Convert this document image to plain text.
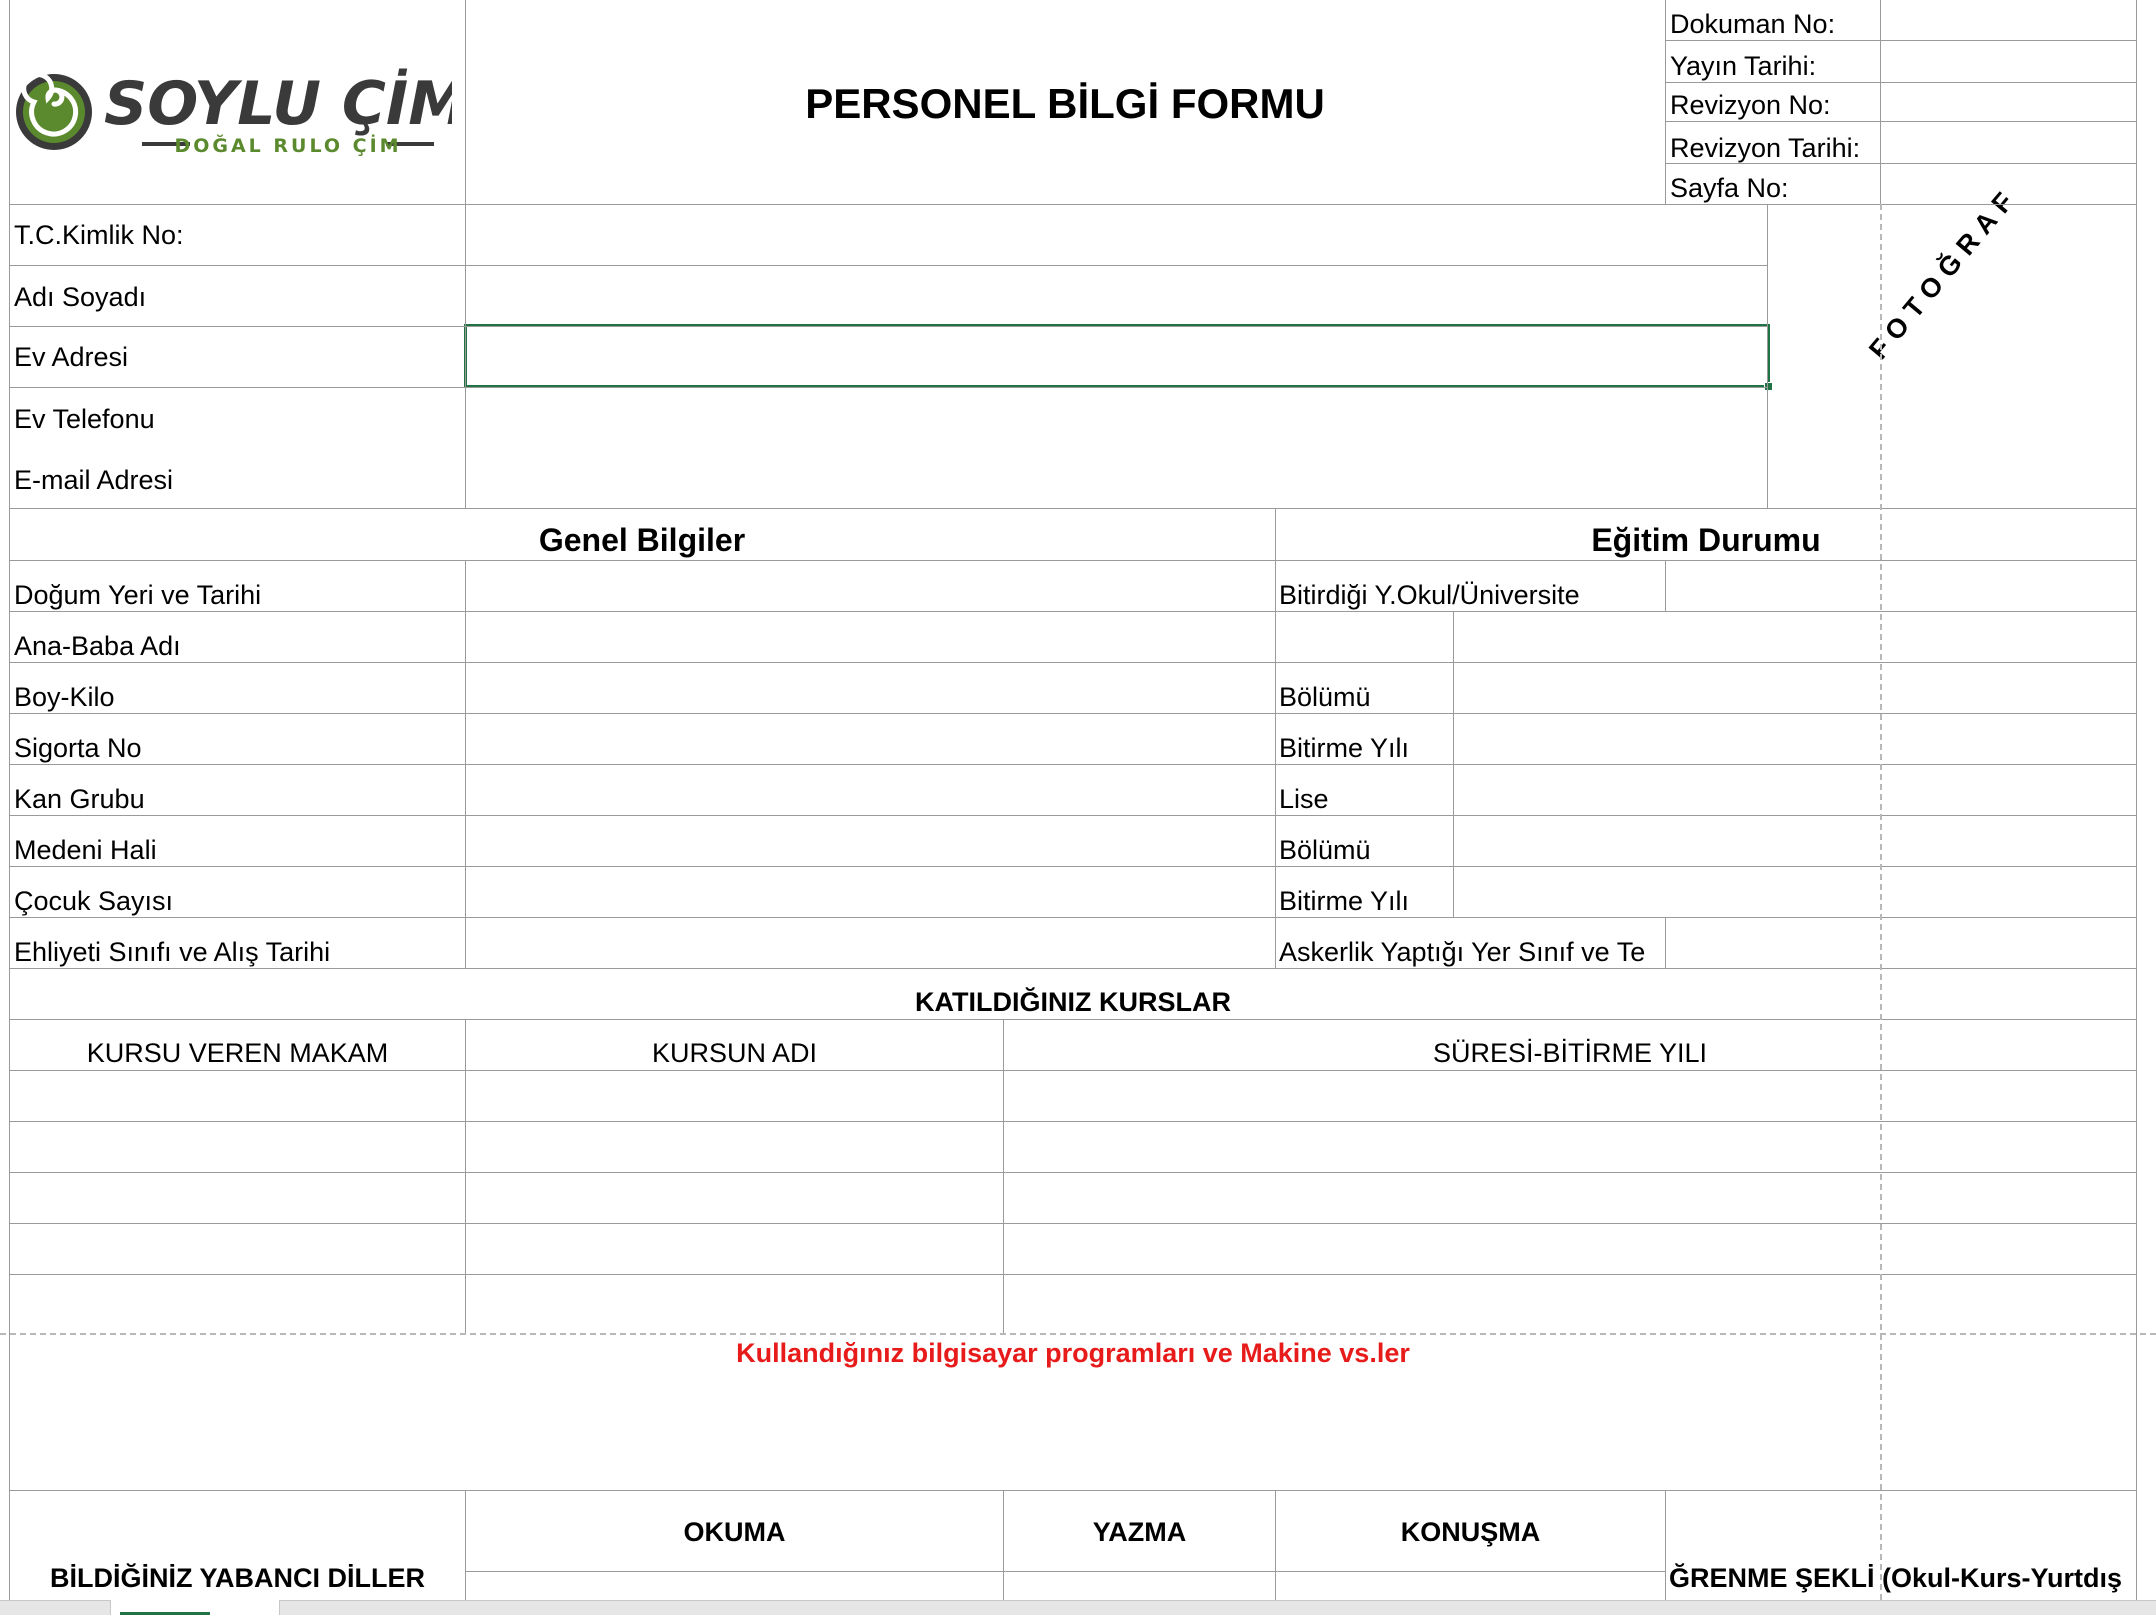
SOYLU ÇİM
DOĞAL RULO ÇİM
PERSONEL BİLGİ FORMU
Dokuman No:
Yayın Tarihi:
Revizyon No:
Revizyon Tarihi:
Sayfa No:
T.C.Kimlik No:
Adı Soyadı
Ev Adresi
Ev Telefonu
E-mail Adresi
FOTOĞRAF
Genel Bilgiler	Eğitim Durumu
Doğum Yeri ve Tarihi
Ana-Baba Adı
Boy-Kilo
Sigorta No
Kan Grubu
Medeni Hali
Çocuk Sayısı
Ehliyeti Sınıfı ve Alış Tarihi
Bitirdiği Y.Okul/Üniversite
Bölümü
Bitirme Yılı
Lise
Bölümü
Bitirme Yılı
Askerlik Yaptığı Yer Sınıf ve Te
KATILDIĞINIZ KURSLAR
KURSU VEREN MAKAM	KURSUN ADI	SÜRESİ-BİTİRME YILI
Kullandığınız bilgisayar programları ve Makine vs.ler
BİLDİĞİNİZ YABANCI DİLLER
OKUMA	YAZMA	KONUŞMA
ĞRENME ŞEKLİ (Okul-Kurs-Yurtdış
